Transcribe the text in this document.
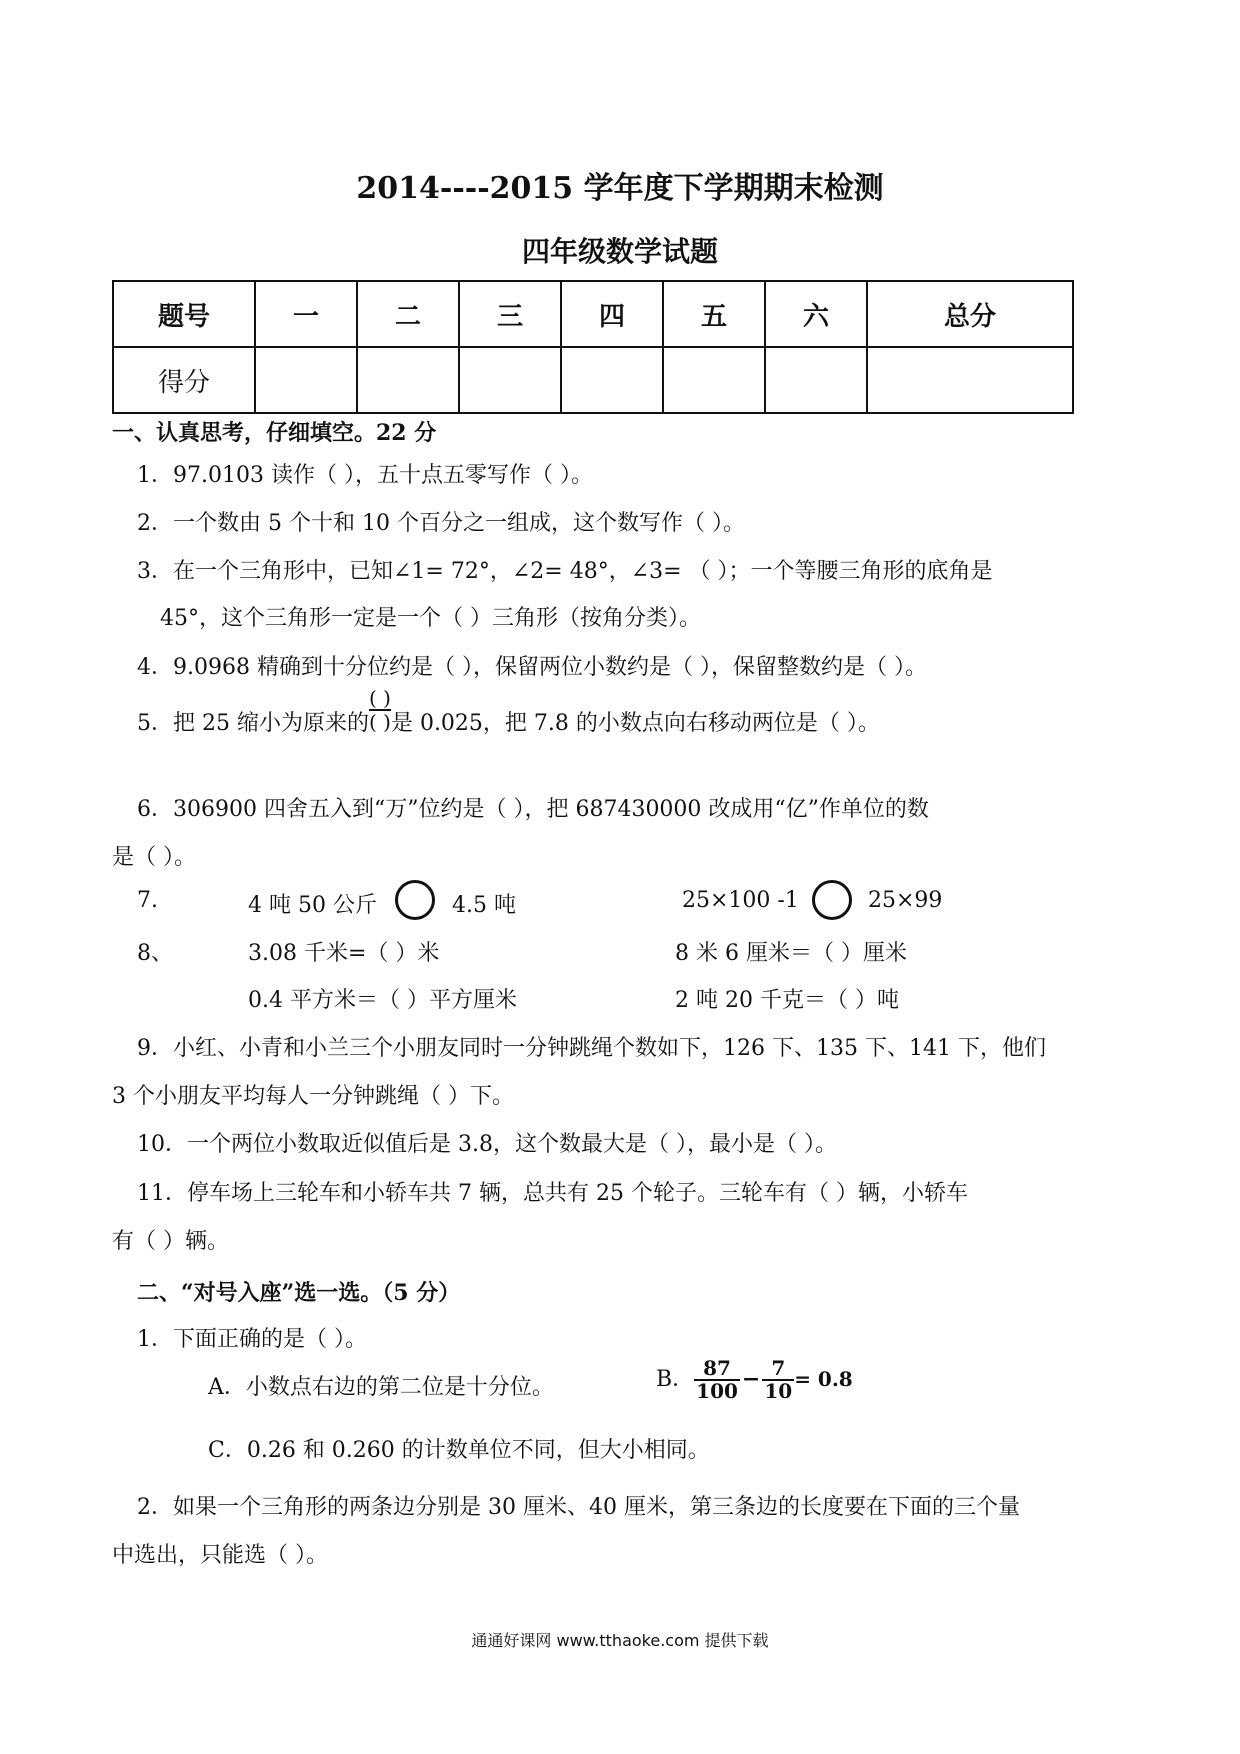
2014----2015 学年度下学期期末检测
四年级数学试题
题号	一	二	三	四	五	六	总分
得分							
一、认真思考，仔细填空。22 分
1．97.0103 读作（ ），五十点五零写作（ ）。
2．一个数由 5 个十和 10 个百分之一组成，这个数写作（ ）。
3．在一个三角形中，已知∠1= 72°，∠2= 48°，∠3= （ ）；一个等腰三角形的底角是
45°，这个三角形一定是一个（ ）三角形（按角分类）。
4．9.0968 精确到十分位约是（ ），保留两位小数约是（ ），保留整数约是（ ）。
5．把 25 缩小为原来的 $\frac{( )}{( )}$是 0.025，把 7.8 的小数点向右移动两位是（ ）。
6．306900 四舍五入到“万”位约是（ ），把 687430000 改成用“亿”作单位的数
是（ ）。
7.	4 吨 50 公斤	4.5 吨	25×100 -1	25×99
8、	3.08 千米=（ ）米	8 米 6 厘米＝（ ）厘米
0.4 平方米＝（ ）平方厘米	2 吨 20 千克＝（ ）吨
9．小红、小青和小兰三个小朋友同时一分钟跳绳个数如下，126 下、135 下、141 下，他们
3 个小朋友平均每人一分钟跳绳（ ）下。
10．一个两位小数取近似值后是 3.8，这个数最大是（ ），最小是（ ）。
11．停车场上三轮车和小轿车共 7 辆，总共有 25 个轮子。三轮车有（ ）辆，小轿车
有（ ）辆。
二、“对号入座”选一选。（5 分）
1．下面正确的是（ ）。
A．小数点右边的第二位是十分位。	B． $\frac{87}{100} - \frac{7}{10} = 0.8$
C．0.26 和 0.260 的计数单位不同，但大小相同。
2．如果一个三角形的两条边分别是 30 厘米、40 厘米，第三条边的长度要在下面的三个量
中选出，只能选（ ）。
通通好课网 www.tthaoke.com 提供下载
